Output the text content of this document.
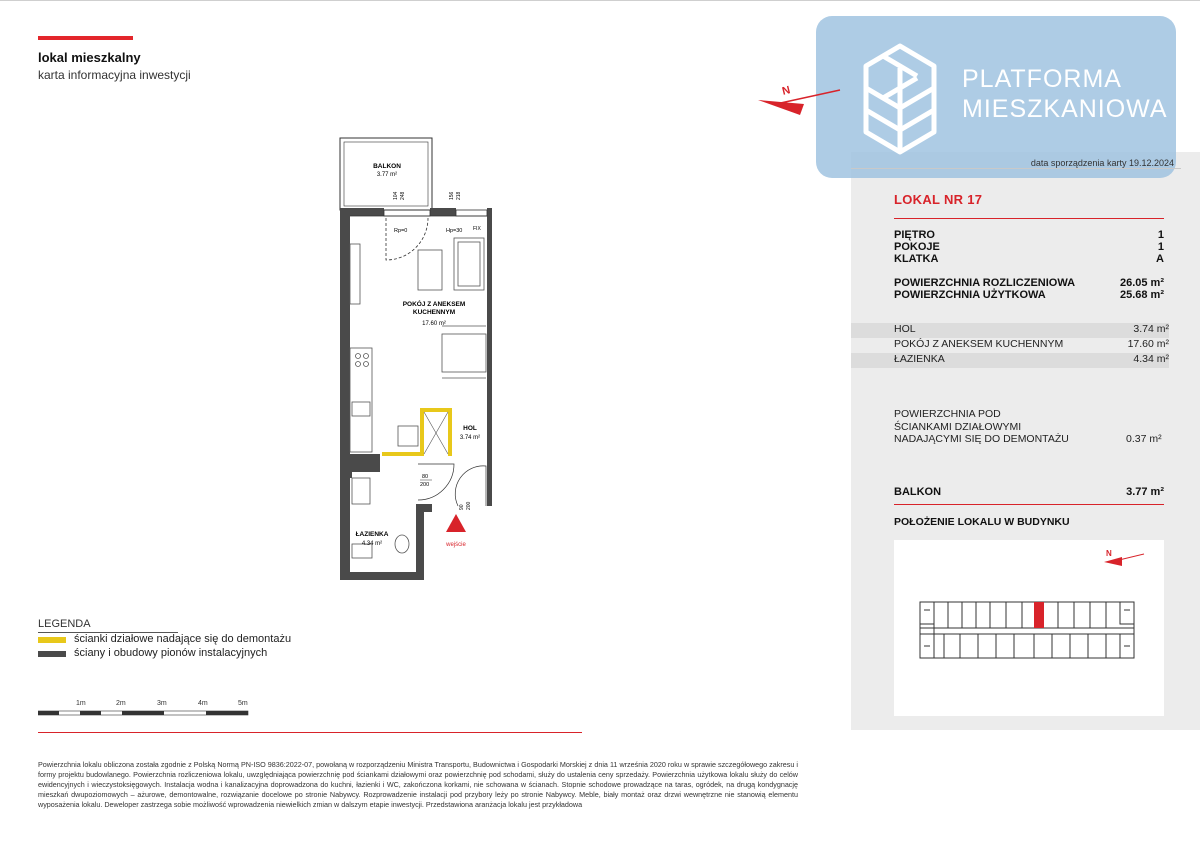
lokal mieszkalny
karta informacyjna inwestycji	PLATFORMA
MIESZKANIOWA
N
data sporządzenia karty 19.12.2024
LOKAL NR 17
PIĘTRO	1
POKOJE	1
KLATKA	A
POWIERZCHNIA ROZLICZENIOWA	26.05 m²
POWIERZCHNIA UŻYTKOWA	25.68 m²
HOL	3.74 m²
POKÓJ Z ANEKSEM KUCHENNYM	17.60 m²
ŁAZIENKA	4.34 m²
POWIERZCHNIA POD
ŚCIANKAMI DZIAŁOWYMI
NADAJĄCYMI SIĘ DO DEMONTAŻU	0.37 m²
BALKON	3.77 m²
POŁOŻENIE LOKALU W BUDYNKU
N
BALKON
3.77 m²
104 248	156 218
Rp=0	Hp=30 FIX
POKÓJ Z ANEKSEM
KUCHENNYM
17.60 m²
HOL
3.74 m²
80
200
90 200
ŁAZIENKA
4.34 m²	wejście
LEGENDA
ścianki działowe nadające się do demontażu
ściany i obudowy pionów instalacyjnych
1m	2m	3m	4m	5m
Powierzchnia lokalu obliczona została zgodnie z Polską Normą PN-ISO 9836:2022-07, powołaną w rozporządzeniu Ministra Transportu, Budownictwa i Gospodarki Morskiej z dnia 11 września 2020 roku w sprawie szczegółowego zakresu i formy projektu budowlanego. Powierzchnia rozliczeniowa lokalu, uwzględniająca powierzchnię pod ściankami działowymi oraz powierzchnię pod schodami, służy do ustalenia ceny sprzedaży. Powierzchnia użytkowa lokalu służy do celów ewidencyjnych i wieczystoksięgowych. Instalacja wodna i kanalizacyjna doprowadzona do kuchni, łazienki i WC, zakończona korkami, nie schowana w ścianach. Stopnie schodowe prowadzące na taras, ogródek, na drugą kondygnację mieszkań dwupoziomowych – ażurowe, demontowalne, rozwiązanie docelowe po stronie Nabywcy. Rozprowadzenie instalacji pod przybory leży po stronie Nabywcy. Meble, biały montaż oraz drzwi wewnętrzne nie stanowią elementu wyposażenia lokalu. Deweloper zastrzega sobie możliwość wprowadzenia niewielkich zmian w dalszym etapie inwestycji. Przedstawiona aranżacja lokalu jest przykładowa
